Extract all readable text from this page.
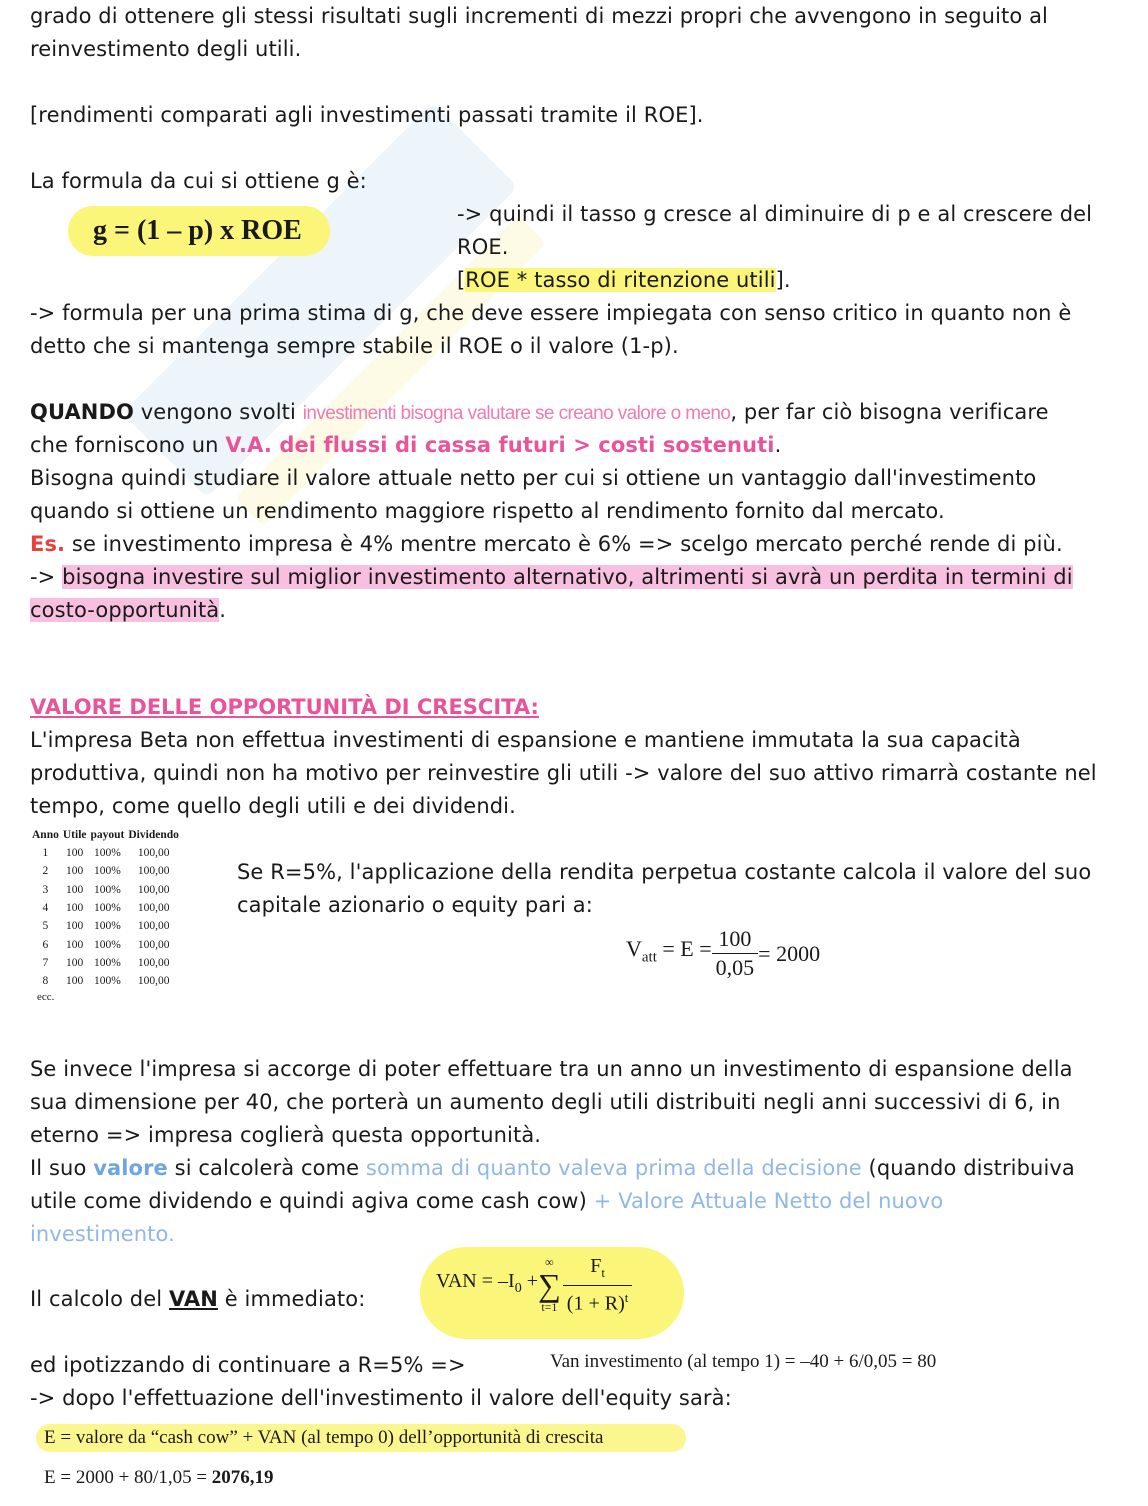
grado di ottenere gli stessi risultati sugli incrementi di mezzi propri che avvengono in seguito al
reinvestimento degli utili.
[rendimenti comparati agli investimenti passati tramite il ROE].
La formula da cui si ottiene g è:
g = (1 – p) x ROE
-> quindi il tasso g cresce al diminuire di p e al crescere del
ROE.
[ROE * tasso di ritenzione utili].
-> formula per una prima stima di g, che deve essere impiegata con senso critico in quanto non è
detto che si mantenga sempre stabile il ROE o il valore (1-p).
QUANDO vengono svolti investimenti bisogna valutare se creano valore o meno, per far ciò bisogna verificare
che forniscono un V.A. dei flussi di cassa futuri > costi sostenuti.
Bisogna quindi studiare il valore attuale netto per cui si ottiene un vantaggio dall'investimento
quando si ottiene un rendimento maggiore rispetto al rendimento fornito dal mercato.
Es. se investimento impresa è 4% mentre mercato è 6% => scelgo mercato perché rende di più.
-> bisogna investire sul miglior investimento alternativo, altrimenti si avrà un perdita in termini di
costo-opportunità.
VALORE DELLE OPPORTUNITÀ DI CRESCITA:
L'impresa Beta non effettua investimenti di espansione e mantiene immutata la sua capacità
produttiva, quindi non ha motivo per reinvestire gli utili -> valore del suo attivo rimarrà costante nel
tempo, come quello degli utili e dei dividendi.
Anno	Utile	payout	Dividendo
1	100	100%	100,00
2	100	100%	100,00
3	100	100%	100,00
4	100	100%	100,00
5	100	100%	100,00
6	100	100%	100,00
7	100	100%	100,00
8	100	100%	100,00
ecc.
Se R=5%, l'applicazione della rendita perpetua costante calcola il valore del suo
capitale azionario o equity pari a:
$V_{att} = E = \frac{100}{0,05} = 2000$
Se invece l'impresa si accorge di poter effettuare tra un anno un investimento di espansione della
sua dimensione per 40, che porterà un aumento degli utili distribuiti negli anni successivi di 6, in
eterno => impresa coglierà questa opportunità.
Il suo valore si calcolerà come somma di quanto valeva prima della decisione (quando distribuiva
utile come dividendo e quindi agiva come cash cow) + Valore Attuale Netto del nuovo
investimento.
Il calcolo del VAN è immediato:
VAN = $-I_0$ +
∞
∑
$t=1 \frac{F_t}{(1 + R)^t}$
ed ipotizzando di continuare a R=5% =>	Van investimento (al tempo 1) = –40 + 6/0,05 = 80
-> dopo l'effettuazione dell'investimento il valore dell'equity sarà:
E = valore da “cash cow” + VAN (al tempo 0) dell’opportunità di crescita
E = 2000 + 80/1,05 = 2076,19
